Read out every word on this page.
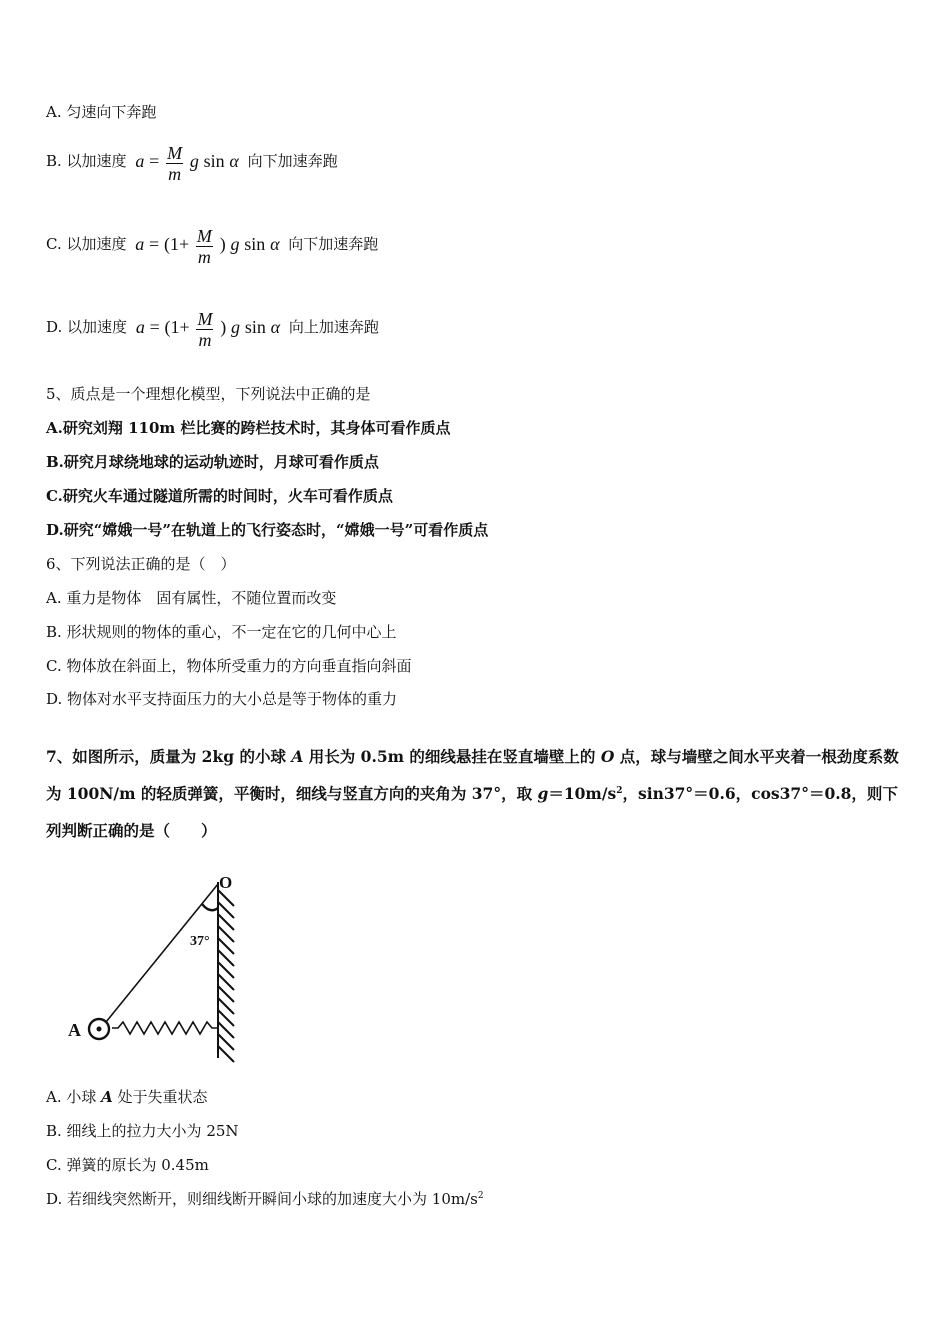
A. 匀速向下奔跑
B. 以加速度 $a = \frac{M}{m}$ g sin α 向下加速奔跑
C. 以加速度 $a = (1+ \frac{M}{m}$ ) g sin α 向下加速奔跑
D. 以加速度 $a = (1+ \frac{M}{m}$ ) g sin α 向上加速奔跑
5、质点是一个理想化模型，下列说法中正确的是
A.研究刘翔 110m 栏比赛的跨栏技术时，其身体可看作质点
B.研究月球绕地球的运动轨迹时，月球可看作质点
C.研究火车通过隧道所需的时间时，火车可看作质点
D.研究“嫦娥一号”在轨道上的飞行姿态时，“嫦娥一号”可看作质点
6、下列说法正确的是（　）
A. 重力是物体　固有属性，不随位置而改变
B. 形状规则的物体的重心，不一定在它的几何中心上
C. 物体放在斜面上，物体所受重力的方向垂直指向斜面
D. 物体对水平支持面压力的大小总是等于物体的重力
7、如图所示，质量为 2kg 的小球 A 用长为 0.5m 的细线悬挂在竖直墙壁上的 O 点，球与墙壁之间水平夹着一根劲度系数为 100N/m 的轻质弹簧，平衡时，细线与竖直方向的夹角为 37°，取 $g=10m/s^2$，sin37°＝0.6，cos37°＝0.8，则下列判断正确的是（　　）
O
37°
A
A. 小球 A 处于失重状态
B. 细线上的拉力大小为 25N
C. 弹簧的原长为 0.45m
D. 若细线突然断开，则细线断开瞬间小球的加速度大小为 $10m/s^2$
